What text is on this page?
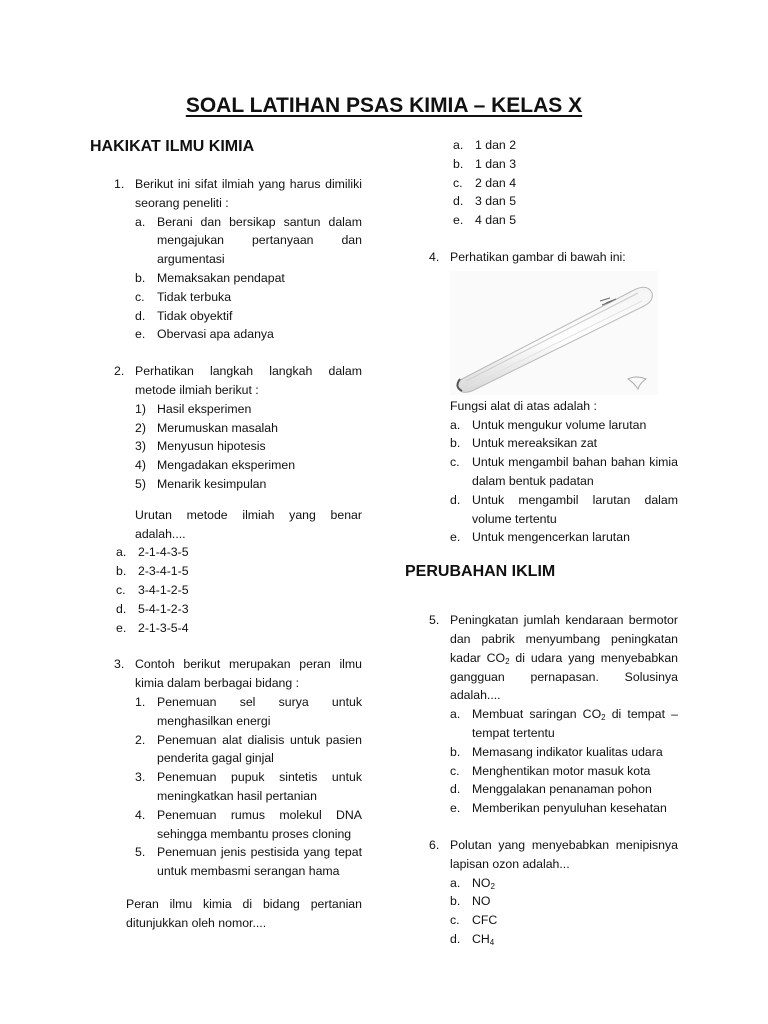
SOAL LATIHAN PSAS KIMIA – KELAS X
HAKIKAT ILMU KIMIA
1. Berikut ini sifat ilmiah yang harus dimiliki seorang peneliti :
a. Berani dan bersikap santun dalam mengajukan pertanyaan dan argumentasi
b. Memaksakan pendapat
c. Tidak terbuka
d. Tidak obyektif
e. Obervasi apa adanya
2. Perhatikan langkah langkah dalam metode ilmiah berikut :
1) Hasil eksperimen
2) Merumuskan masalah
3) Menyusun hipotesis
4) Mengadakan eksperimen
5) Menarik kesimpulan
Urutan metode ilmiah yang benar adalah....
a. 2-1-4-3-5
b. 2-3-4-1-5
c. 3-4-1-2-5
d. 5-4-1-2-3
e. 2-1-3-5-4
3. Contoh berikut merupakan peran ilmu kimia dalam berbagai bidang :
1. Penemuan sel surya untuk menghasilkan energi
2. Penemuan alat dialisis untuk pasien penderita gagal ginjal
3. Penemuan pupuk sintetis untuk meningkatkan hasil pertanian
4. Penemuan rumus molekul DNA sehingga membantu proses cloning
5. Penemuan jenis pestisida yang tepat untuk membasmi serangan hama
Peran ilmu kimia di bidang pertanian ditunjukkan oleh nomor....
a. 1 dan 2
b. 1 dan 3
c. 2 dan 4
d. 3 dan 5
e. 4 dan 5
4. Perhatikan gambar di bawah ini:
Fungsi alat di atas adalah :
a. Untuk mengukur volume larutan
b. Untuk mereaksikan zat
c. Untuk mengambil bahan bahan kimia dalam bentuk padatan
d. Untuk mengambil larutan dalam volume tertentu
e. Untuk mengencerkan larutan
PERUBAHAN IKLIM
5. Peningkatan jumlah kendaraan bermotor dan pabrik menyumbang peningkatan kadar $CO_2$ di udara yang menyebabkan gangguan pernapasan. Solusinya adalah....
a. Membuat saringan $CO_2$ di tempat – tempat tertentu
b. Memasang indikator kualitas udara
c. Menghentikan motor masuk kota
d. Menggalakan penanaman pohon
e. Memberikan penyuluhan kesehatan
6. Polutan yang menyebabkan menipisnya lapisan ozon adalah...
a. $NO_2$
b. NO
c. CFC
d. $CH_4$
